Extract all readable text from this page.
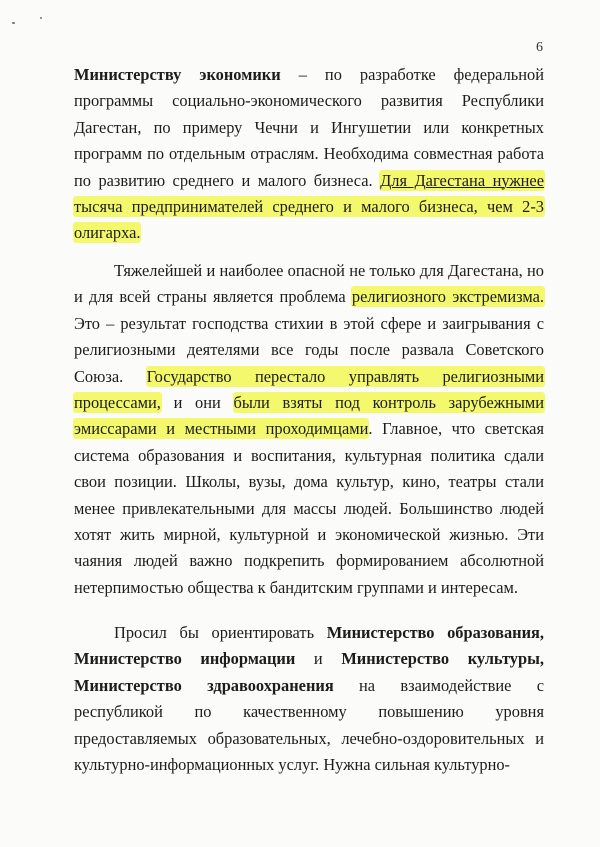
6
Министерству экономики – по разработке федеральной
программы социально-экономического развития Республики
Дагестан, по примеру Чечни и Ингушетии или конкретных
программ по отдельным отраслям. Необходима совместная работа
по развитию среднего и малого бизнеса. Для Дагестана нужнее
тысяча предпринимателей среднего и малого бизнеса, чем 2-3
олигарха.
Тяжелейшей и наиболее опасной не только для Дагестана, но
и для всей страны является проблема религиозного экстремизма.
Это – результат господства стихии в этой сфере и заигрывания с
религиозными деятелями все годы после развала Советского
Союза. Государство перестало управлять религиозными
процессами, и они были взяты под контроль зарубежными
эмиссарами и местными проходимцами. Главное, что светская
система образования и воспитания, культурная политика сдали
свои позиции. Школы, вузы, дома культур, кино, театры стали
менее привлекательными для массы людей. Большинство людей
хотят жить мирной, культурной и экономической жизнью. Эти
чаяния людей важно подкрепить формированием абсолютной
нетерпимостью общества к бандитским группами и интересам.
Просил бы ориентировать Министерство образования,
Министерство информации и Министерство культуры,
Министерство здравоохранения на взаимодействие с
республикой по качественному повышению уровня
предоставляемых образовательных, лечебно-оздоровительных и
культурно-информационных услуг. Нужна сильная культурно-
